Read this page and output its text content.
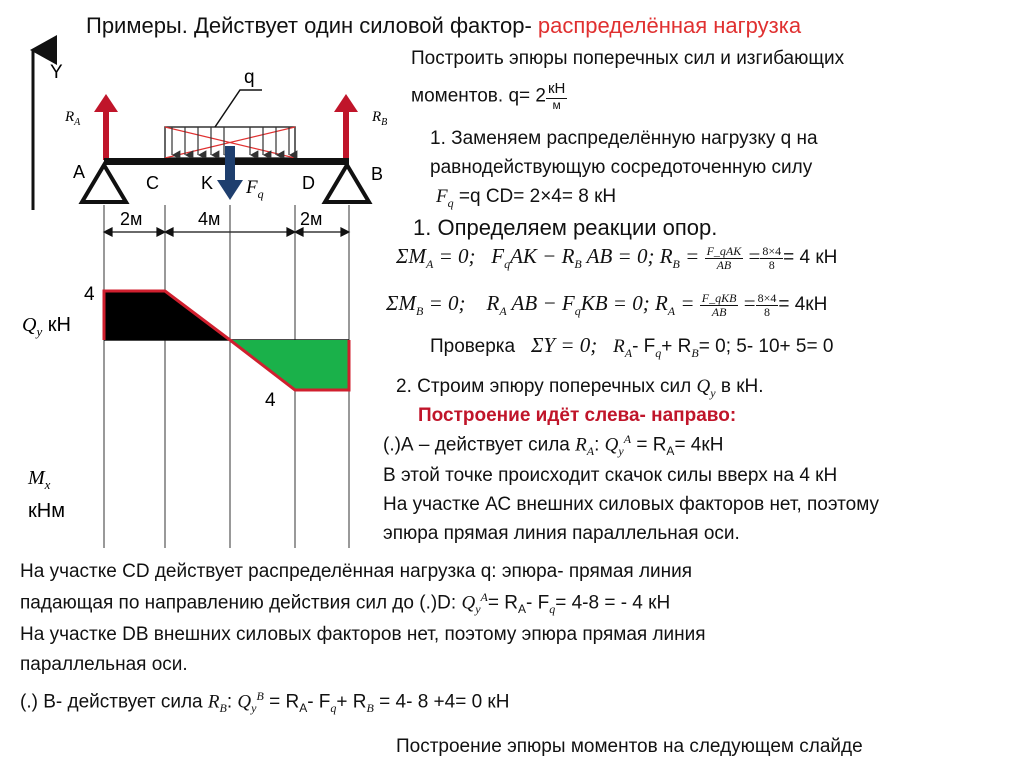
Y	q
$R_A$	$R_B$
$F_q$
A
C K	D	B
2м	4м	2м
4
4
$Q_y$ кН
$M_x$
кНм
Примеры. Действует один силовой фактор- распределённая нагрузка
Построить эпюры поперечных сил и изгибающих
моментов. $q= 2 \frac{кН}{м}$
1. Заменяем распределённую нагрузку q на
равнодействующую сосредоточенную силу
$F_q =q$ CD= 2×4= 8 кН
1. Определяем реакции опор.
$\Sigma M_A = 0$; $F_qAK - R_B$ AB = 0; $R_B = \frac{\text{F\_qAK}}{AB} = \frac{8\times 4}{8} = 4$ кН
$\Sigma M_B = 0$; $R_A$ AB − $F_qKB = 0$; $R_A = \frac{\text{F\_qKB}}{AB} = \frac{8\times 4}{8} = 4кН$
Проверка ΣY = 0; $R_A-$ $F_q+ R_B= 0$; 5- 10+ 5= 0
2. Строим эпюру поперечных сил $Q_y$ в кН.
Построение идёт слева- направо:
(.)А – действует сила $R_A$: $Q_y^A = R_A= 4кН$
В этой точке происходит скачок силы вверх на 4 кН
На участке АС внешних силовых факторов нет, поэтому
эпюра прямая линия параллельная оси.
На участке CD действует распределённая нагрузка q: эпюра- прямая линия
падающая по направлению действия сил до (.)D: $Q_y^A= R_A-$ $F_q= 4-8$ = - 4 кН
На участке DB внешних силовых факторов нет, поэтому эпюра прямая линия
параллельная оси.
(.) В- действует сила $R_B$: $Q_y^B = R_A-$ $F_q+ R_B = 4-$ 8 +4= 0 кН
Построение эпюры моментов на следующем слайде
